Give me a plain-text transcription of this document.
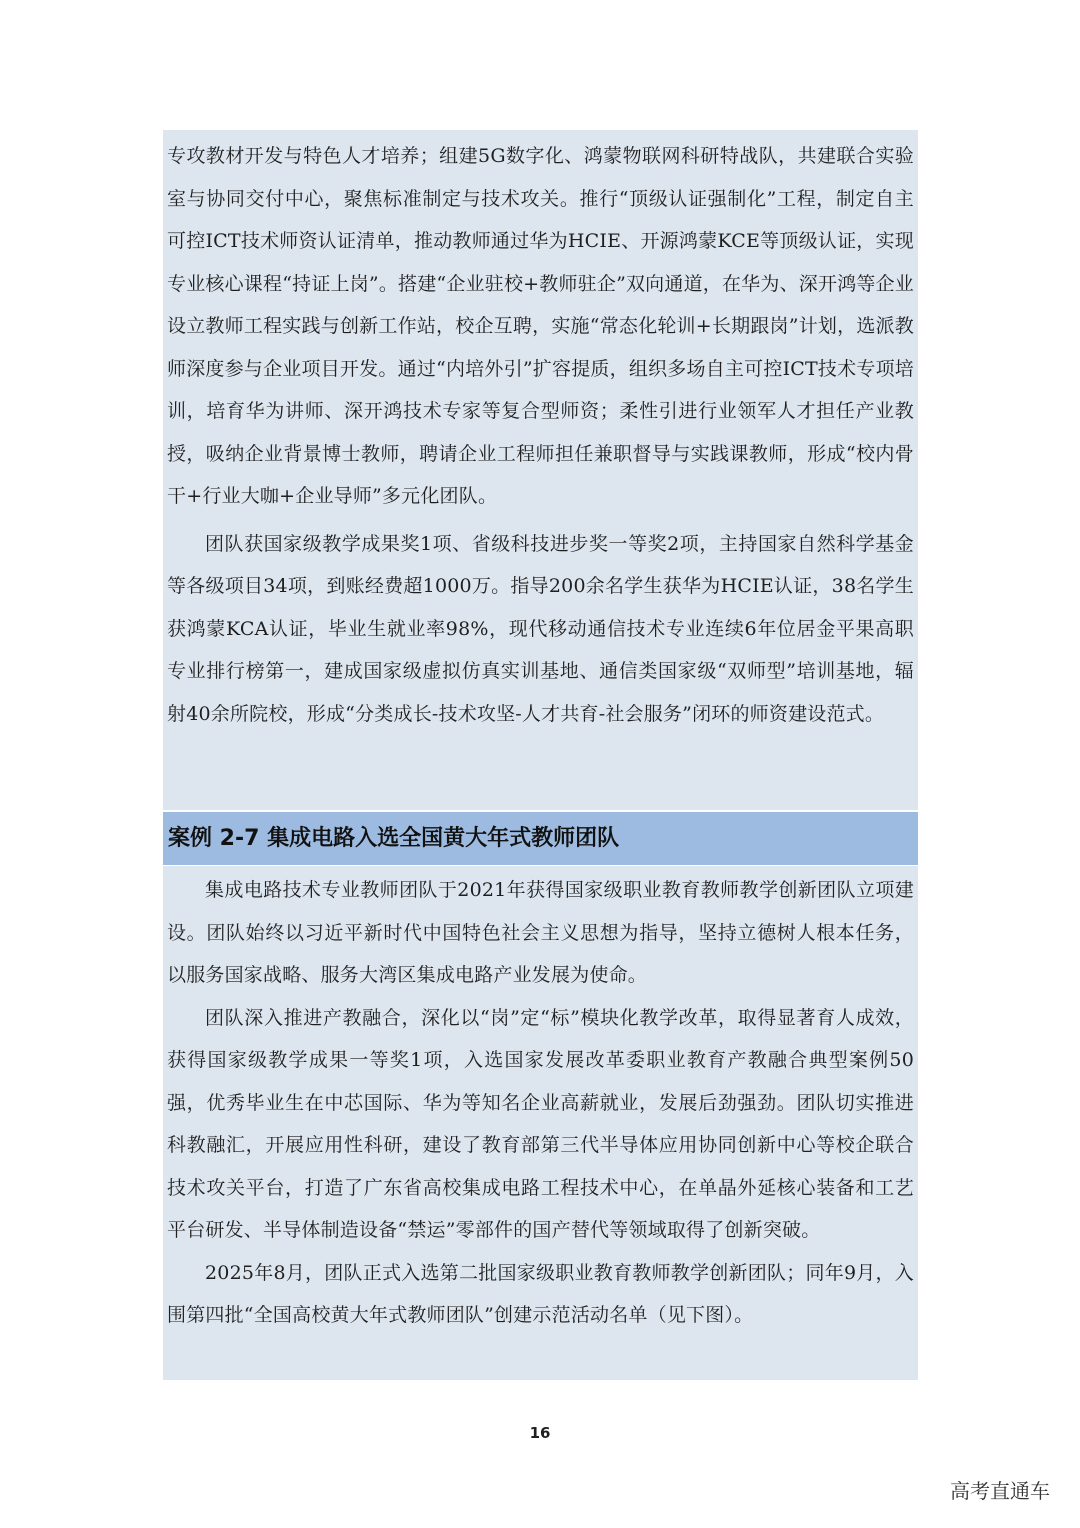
专攻教材开发与特色人才培养；组建5G数字化、鸿蒙物联网科研特战队，共建联合实验室与协同交付中心，聚焦标准制定与技术攻关。推行“顶级认证强制化”工程，制定自主可控ICT技术师资认证清单，推动教师通过华为HCIE、开源鸿蒙KCE等顶级认证，实现专业核心课程“持证上岗”。搭建“企业驻校+教师驻企”双向通道，在华为、深开鸿等企业设立教师工程实践与创新工作站，校企互聘，实施“常态化轮训+长期跟岗”计划，选派教师深度参与企业项目开发。通过“内培外引”扩容提质，组织多场自主可控ICT技术专项培训，培育华为讲师、深开鸿技术专家等复合型师资；柔性引进行业领军人才担任产业教授，吸纳企业背景博士教师，聘请企业工程师担任兼职督导与实践课教师，形成“校内骨干+行业大咖+企业导师”多元化团队。

团队获国家级教学成果奖1项、省级科技进步奖一等奖2项，主持国家自然科学基金等各级项目34项，到账经费超1000万。指导200余名学生获华为HCIE认证，38名学生获鸿蒙KCA认证，毕业生就业率98%，现代移动通信技术专业连续6年位居金平果高职专业排行榜第一，建成国家级虚拟仿真实训基地、通信类国家级“双师型”培训基地，辐射40余所院校，形成“分类成长-技术攻坚-人才共育-社会服务”闭环的师资建设范式。

案例 2-7 集成电路入选全国黄大年式教师团队

集成电路技术专业教师团队于2021年获得国家级职业教育教师教学创新团队立项建设。团队始终以习近平新时代中国特色社会主义思想为指导，坚持立德树人根本任务，以服务国家战略、服务大湾区集成电路产业发展为使命。

团队深入推进产教融合，深化以“岗”定“标”模块化教学改革，取得显著育人成效，获得国家级教学成果一等奖1项，入选国家发展改革委职业教育产教融合典型案例50强，优秀毕业生在中芯国际、华为等知名企业高薪就业，发展后劲强劲。团队切实推进科教融汇，开展应用性科研，建设了教育部第三代半导体应用协同创新中心等校企联合技术攻关平台，打造了广东省高校集成电路工程技术中心，在单晶外延核心装备和工艺平台研发、半导体制造设备“禁运”零部件的国产替代等领域取得了创新突破。

2025年8月，团队正式入选第二批国家级职业教育教师教学创新团队；同年9月，入围第四批“全国高校黄大年式教师团队”创建示范活动名单（见下图）。

16
高考直通车
